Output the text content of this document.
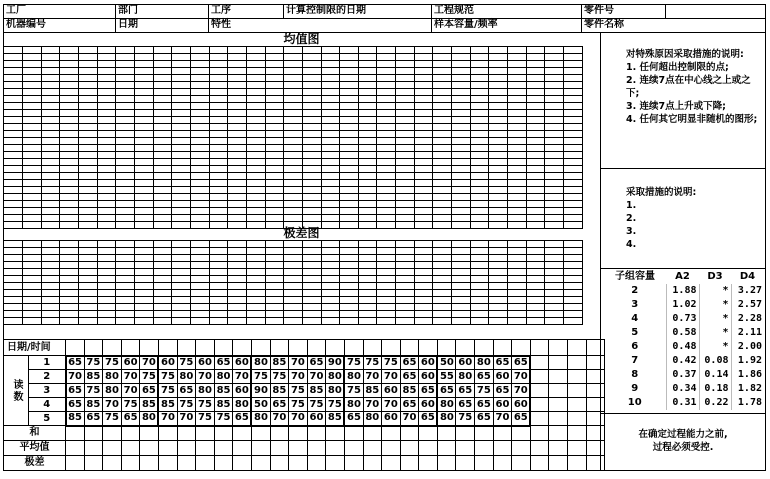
工厂	部门	工序	计算控制限的日期	工程规范	零件号
机器编号	日期	特性	样本容量/频率	零件名称
均值图

极差图

对特殊原因采取措施的说明:
1. 任何超出控制限的点;
2. 连续7点在中心线之上或之下;
3. 连续7点上升或下降;
4. 任何其它明显非随机的图形;
采取措施的说明:
1.
2.
3.
4.
子组容量	A2	D3	D4
2	1.88	*	3.27
3	1.02	*	2.57
4	0.73	*	2.28
5	0.58	*	2.11
6	0.48	*	2.00
7	0.42	0.08	1.92
8	0.37	0.14	1.86
9	0.34	0.18	1.82
10	0.31	0.22	1.78
在确定过程能力之前,
过程必须受控.
日期/时间																														
读数	1	65	75	75	60	70	60	75	60	65	60	80	85	70	65	90	75	75	75	65	60	50	60	80	65	65				
	2	70	85	80	70	75	75	80	70	80	70	75	75	70	70	80	80	70	70	65	60	55	80	65	60	70				
	3	65	75	80	70	65	75	65	80	85	60	90	85	75	85	80	75	85	60	85	65	65	65	75	65	70				
	4	65	85	70	75	85	85	75	75	85	80	50	65	75	75	75	80	70	70	65	60	80	65	65	60	60				
	5	85	65	75	65	80	70	70	75	75	65	80	70	70	60	85	65	80	60	70	65	80	75	65	70	65				
和																														
平均值																														
极差																														
